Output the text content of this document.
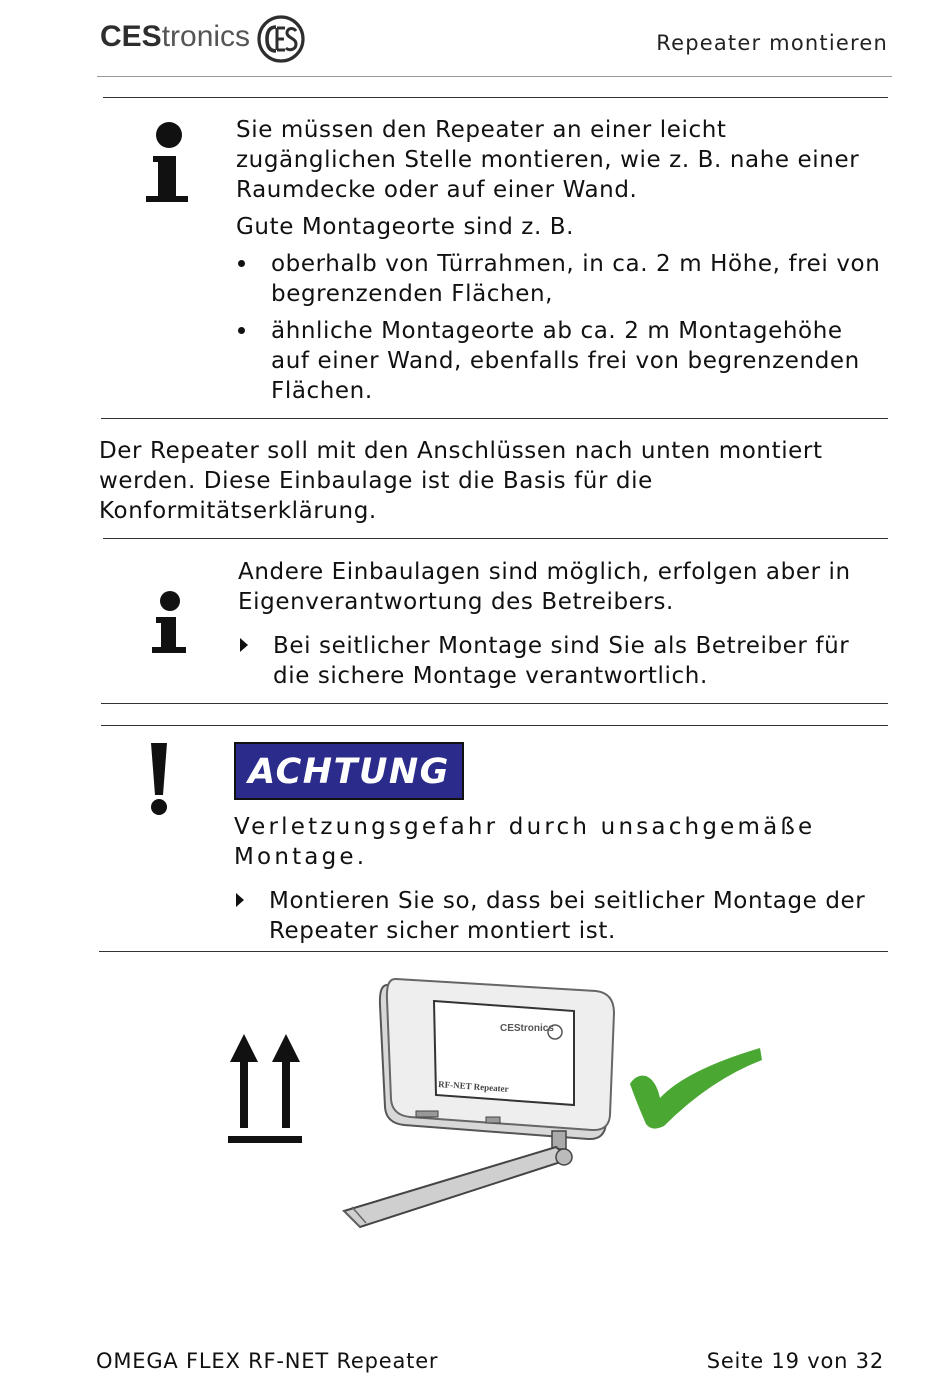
CEStronics	Repeater montieren
Sie müssen den Repeater an einer leicht zugänglichen Stelle montieren, wie z. B. nahe einer Raumdecke oder auf einer Wand.
Gute Montageorte sind z. B.
oberhalb von Türrahmen, in ca. 2 m Höhe, frei von begrenzenden Flächen,
ähnliche Montageorte ab ca. 2 m Montagehöhe auf einer Wand, ebenfalls frei von begrenzenden Flächen.
Der Repeater soll mit den Anschlüssen nach unten montiert werden. Diese Einbaulage ist die Basis für die Konformitätserklärung.
Andere Einbaulagen sind möglich, erfolgen aber in Eigenverantwortung des Betreibers.
Bei seitlicher Montage sind Sie als Betreiber für die sichere Montage verantwortlich.
ACHTUNG
Verletzungsgefahr durch unsachgemäße Montage.
Montieren Sie so, dass bei seitlicher Montage der Repeater sicher montiert ist.
CEStronics
RF-NET Repeater
OMEGA FLEX RF-NET Repeater	Seite 19 von 32
